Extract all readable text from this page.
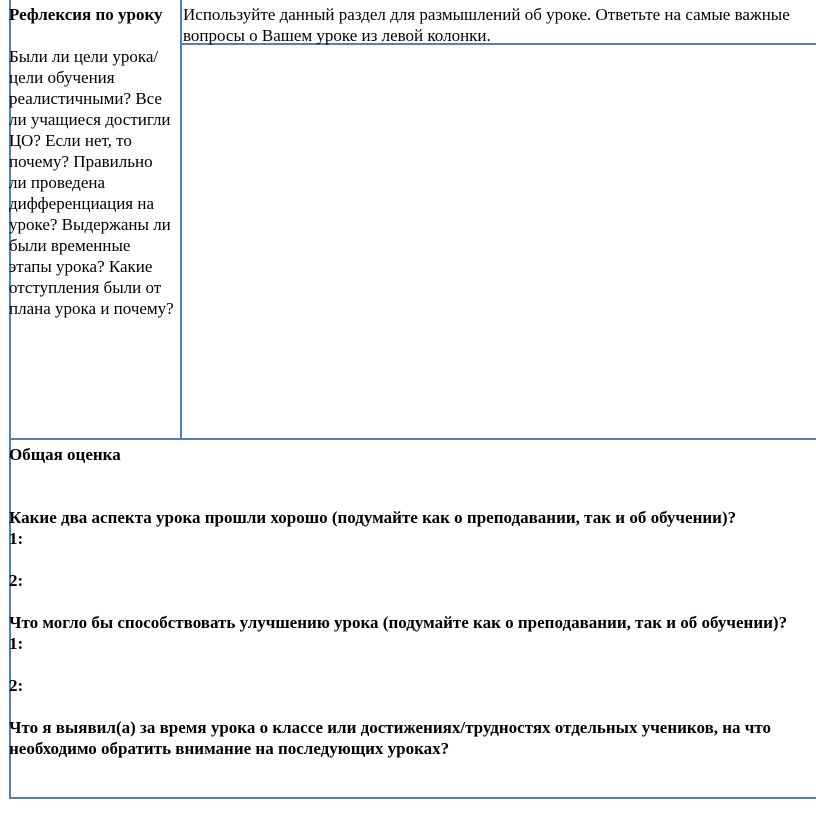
Рефлексия по уроку
Были ли цели урока/цели обучения реалистичными? Все ли учащиеся достигли ЦО? Если нет, то почему? Правильно ли проведена дифференциация на уроке? Выдержаны ли были временные этапы урока? Какие отступления были от плана урока и почему?
Используйте данный раздел для размышлений об уроке. Ответьте на самые важные вопросы о Вашем уроке из левой колонки.

Общая оценка

Какие два аспекта урока прошли хорошо (подумайте как о преподавании, так и об обучении)?

1:

2:

Что могло бы способствовать улучшению урока (подумайте как о преподавании, так и об обучении)?

1:

2:

Что я выявил(а) за время урока о классе или достижениях/трудностях отдельных учеников, на что необходимо обратить внимание на последующих уроках?
